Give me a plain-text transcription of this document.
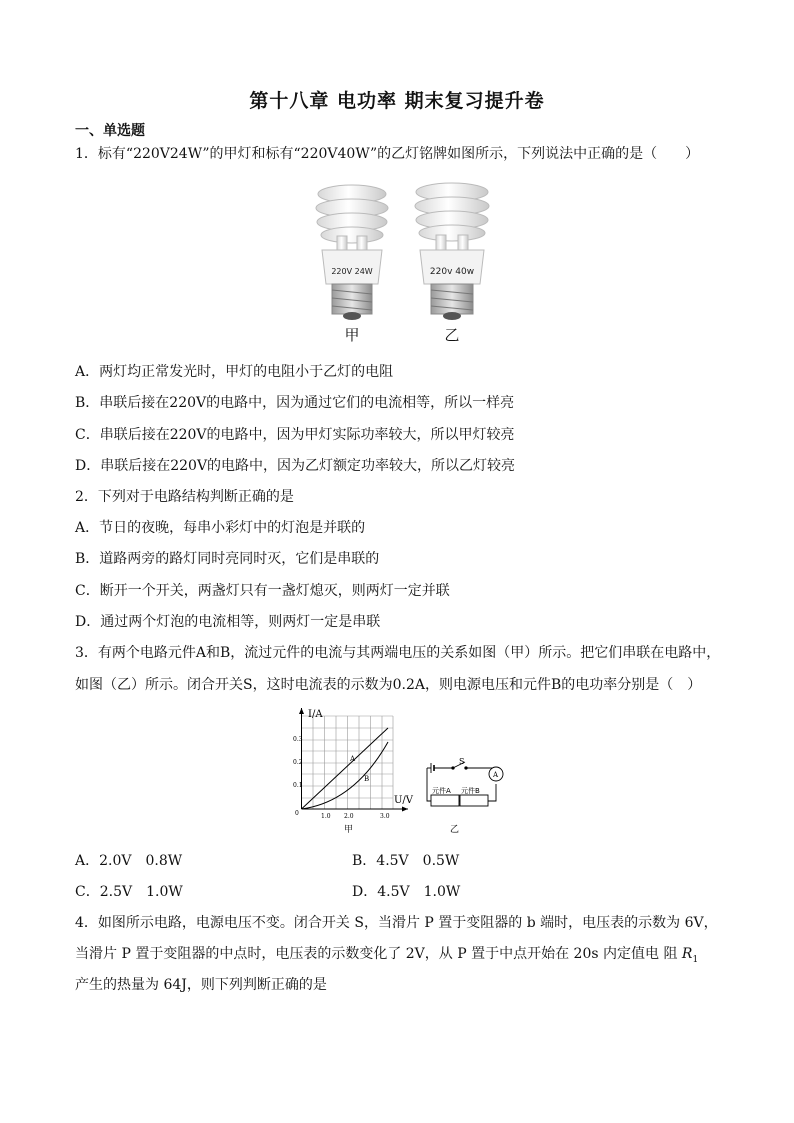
第十八章 电功率 期末复习提升卷
一、单选题
1．标有“220V24W”的甲灯和标有“220V40W”的乙灯铭牌如图所示，下列说法中正确的是（　　）
220V 24W
甲
220v 40w
乙
A．两灯均正常发光时，甲灯的电阻小于乙灯的电阻
B．串联后接在220V的电路中，因为通过它们的电流相等，所以一样亮
C．串联后接在220V的电路中，因为甲灯实际功率较大，所以甲灯较亮
D．串联后接在220V的电路中，因为乙灯额定功率较大，所以乙灯较亮
2．下列对于电路结构判断正确的是
A．节日的夜晚，每串小彩灯中的灯泡是并联的
B．道路两旁的路灯同时亮同时灭，它们是串联的
C．断开一个开关，两盏灯只有一盏灯熄灭，则两灯一定并联
D．通过两个灯泡的电流相等，则两灯一定是串联
3．有两个电路元件A和B，流过元件的电流与其两端电压的关系如图（甲）所示。把它们串联在电路中，
如图（乙）所示。闭合开关S，这时电流表的示数为0.2A，则电源电压和元件B的电功率分别是（　）
A
B
I/A
U/V
0.3
0.2
0.1
0	1.0 2.0	3.0
甲
S
A
元件A 元件B
乙
A．2.0V　0.8W	B．4.5V　0.5W
C．2.5V　1.0W	D．4.5V　1.0W
4．如图所示电路，电源电压不变。闭合开关 S，当滑片 P 置于变阻器的 b 端时，电压表的示数为 6V，
当滑片 P 置于变阻器的中点时，电压表的示数变化了 2V，从 P 置于中点开始在 20s 内定值电 阻 $R_1$
产生的热量为 64J，则下列判断正确的是
